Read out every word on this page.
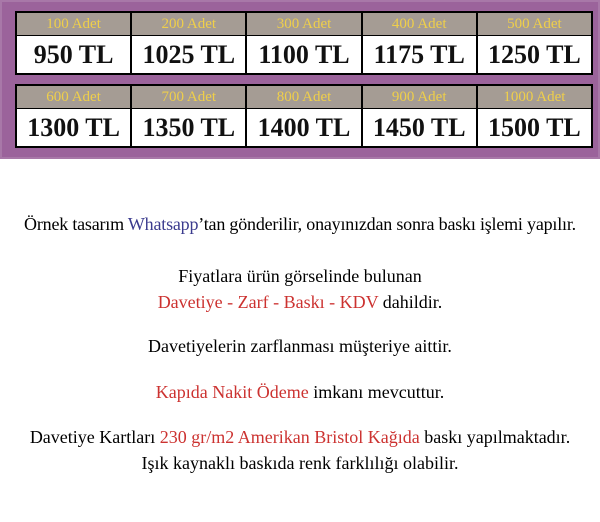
100 Adet	200 Adet	300 Adet	400 Adet	500 Adet
950 TL	1025 TL 1100 TL 1175 TL 1250 TL
600 Adet	700 Adet	800 Adet	900 Adet	1000 Adet
1300 TL 1350 TL 1400 TL 1450 TL 1500 TL
Örnek tasarım Whatsapp’tan gönderilir, onayınızdan sonra baskı işlemi yapılır.
Fiyatlara ürün görselinde bulunan
Davetiye - Zarf - Baskı - KDV dahildir.
Davetiyelerin zarflanması müşteriye aittir.
Kapıda Nakit Ödeme imkanı mevcuttur.
Davetiye Kartları 230 gr/m2 Amerikan Bristol Kağıda baskı yapılmaktadır.
Işık kaynaklı baskıda renk farklılığı olabilir.
